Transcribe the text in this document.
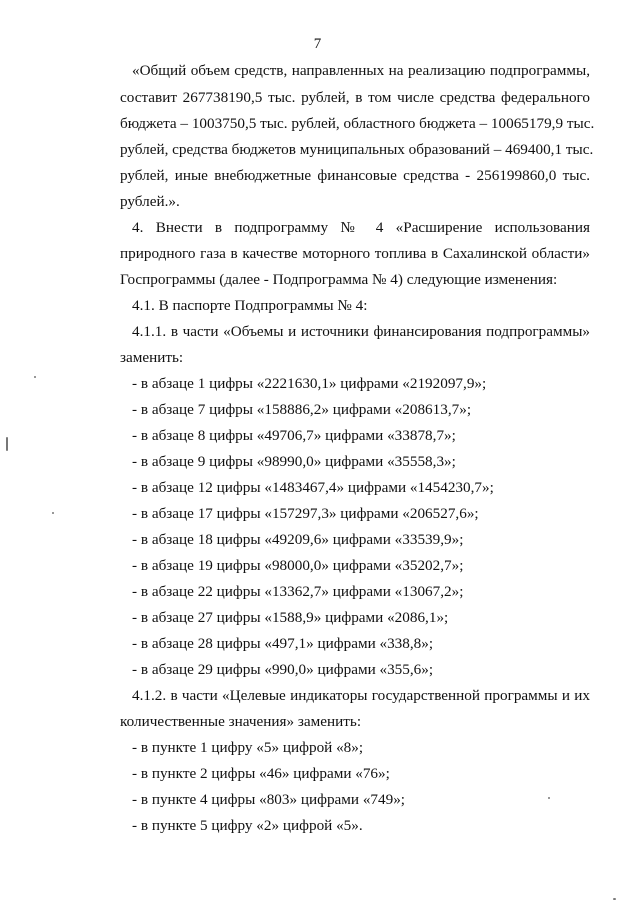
7
«Общий объем средств, направленных на реализацию подпрограммы,
составит 267738190,5 тыс. рублей, в том числе средства федерального
бюджета – 1003750,5 тыс. рублей, областного бюджета – 10065179,9 тыс.
рублей, средства бюджетов муниципальных образований – 469400,1 тыс.
рублей, иные внебюджетные финансовые средства - 256199860,0 тыс.
рублей.».
4. Внести в подпрограмму № 4 «Расширение использования
природного газа в качестве моторного топлива в Сахалинской области»
Госпрограммы (далее - Подпрограмма № 4) следующие изменения:
4.1. В паспорте Подпрограммы № 4:
4.1.1. в части «Объемы и источники финансирования подпрограммы»
заменить:
- в абзаце 1 цифры «2221630,1» цифрами «2192097,9»;
- в абзаце 7 цифры «158886,2» цифрами «208613,7»;
- в абзаце 8 цифры «49706,7» цифрами «33878,7»;
- в абзаце 9 цифры «98990,0» цифрами «35558,3»;
- в абзаце 12 цифры «1483467,4» цифрами «1454230,7»;
- в абзаце 17 цифры «157297,3» цифрами «206527,6»;
- в абзаце 18 цифры «49209,6» цифрами «33539,9»;
- в абзаце 19 цифры «98000,0» цифрами «35202,7»;
- в абзаце 22 цифры «13362,7» цифрами «13067,2»;
- в абзаце 27 цифры «1588,9» цифрами «2086,1»;
- в абзаце 28 цифры «497,1» цифрами «338,8»;
- в абзаце 29 цифры «990,0» цифрами «355,6»;
4.1.2. в части «Целевые индикаторы государственной программы и их
количественные значения» заменить:
- в пункте 1 цифру «5» цифрой «8»;
- в пункте 2 цифры «46» цифрами «76»;
- в пункте 4 цифры «803» цифрами «749»;
- в пункте 5 цифру «2» цифрой «5».
